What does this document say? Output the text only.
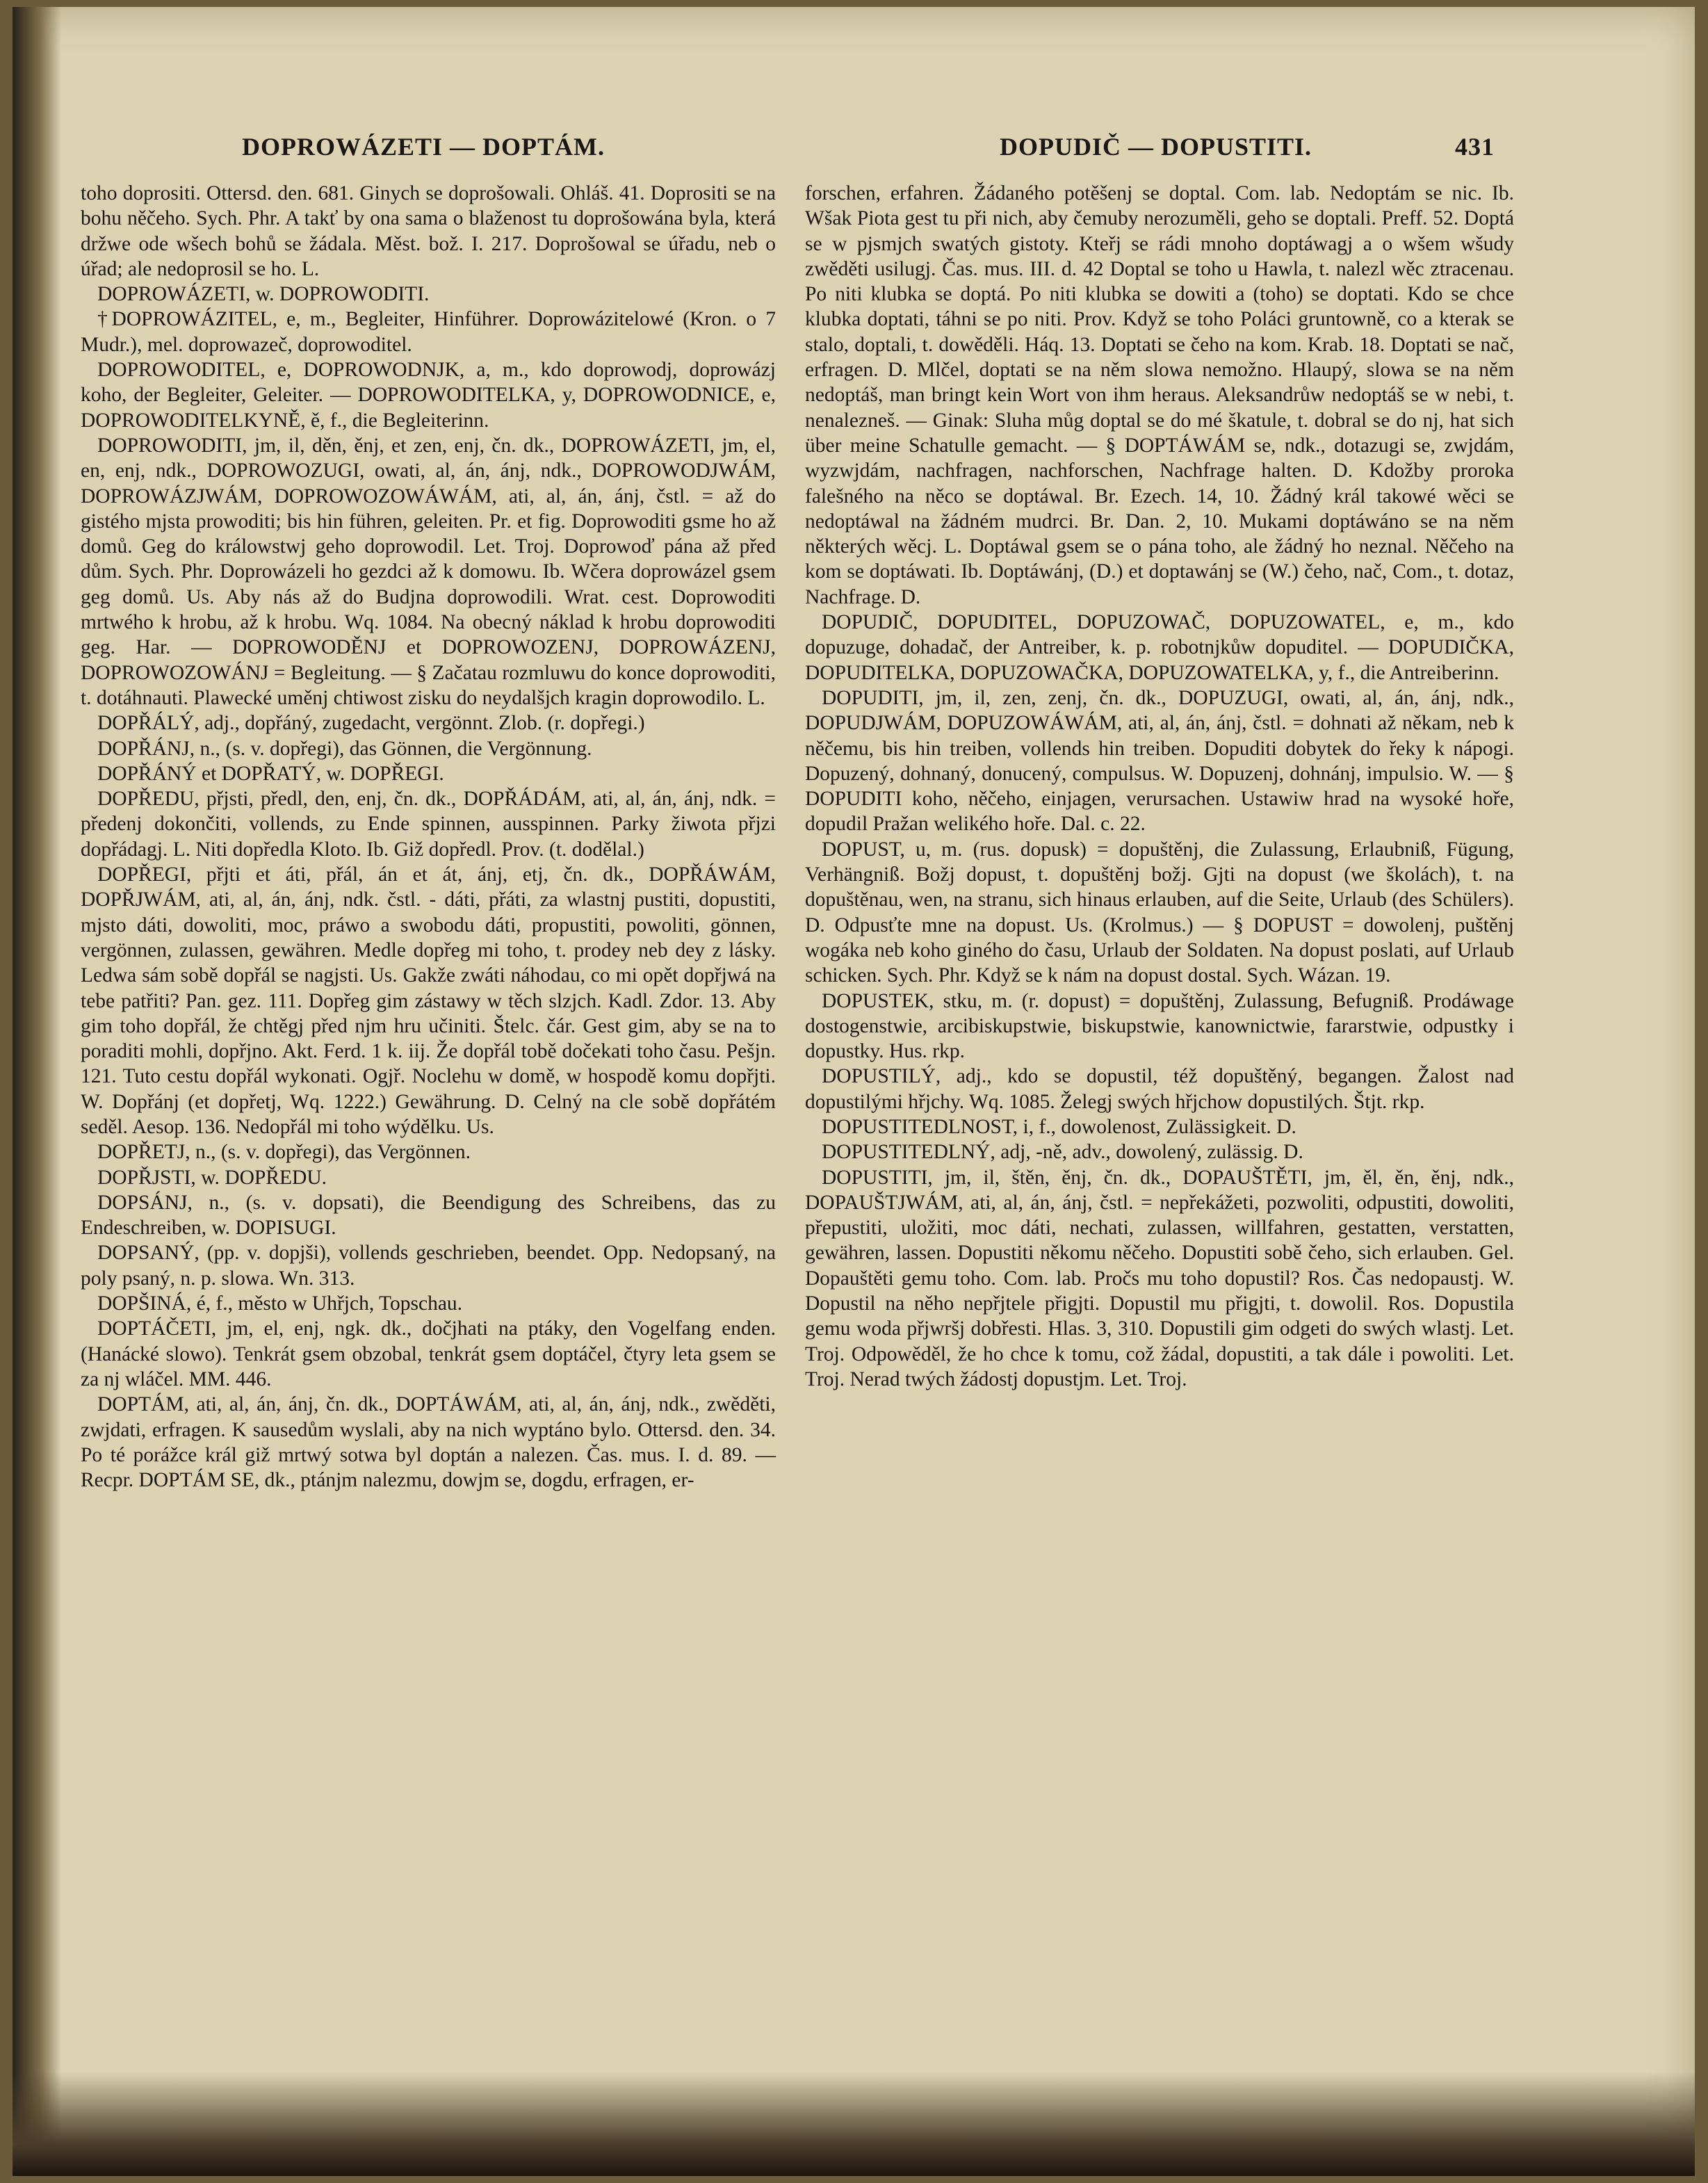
DOPROWÁZETI — DOPTÁM.	DOPUDIČ — DOPUSTITI.	431

toho doprositi. Ottersd. den. 681. Ginych se doprošowali. Ohláš. 41. Doprositi se na bohu něčeho. Sych. Phr. A takť by ona sama o blaženost tu doprošowána byla, která držwe ode wšech bohů se žádala. Měst. bož. I. 217. Doprošowal se úřadu, neb o úřad; ale nedoprosil se ho. L.

DOPROWÁZETI, w. DOPROWODITI.

†DOPROWÁZITEL, e, m., Begleiter, Hinführer. Doprowázitelowé (Kron. o 7 Mudr.), mel. doprowazeč, doprowoditel.

DOPROWODITEL, e, DOPROWODNJK, a, m., kdo doprowodj, doprowázj koho, der Begleiter, Geleiter. — DOPROWODITELKA, y, DOPROWODNICE, e, DOPROWODITELKYNĚ, ě, f., die Begleiterinn.

DOPROWODITI, jm, il, děn, ěnj, et zen, enj, čn. dk., DOPROWÁZETI, jm, el, en, enj, ndk., DOPROWOZUGI, owati, al, án, ánj, ndk., DOPROWODJWÁM, DOPROWÁZJWÁM, DOPROWOZOWÁWÁM, ati, al, án, ánj, čstl. = až do gistého mjsta prowoditi; bis hin führen, geleiten. Pr. et fig. Doprowoditi gsme ho až domů. Geg do králowstwj geho doprowodil. Let. Troj. Doprowoď pána až před dům. Sych. Phr. Doprowázeli ho gezdci až k domowu. Ib. Wčera doprowázel gsem geg domů. Us. Aby nás až do Budjna doprowodili. Wrat. cest. Doprowoditi mrtwého k hrobu, až k hrobu. Wq. 1084. Na obecný náklad k hrobu doprowoditi geg. Har. — DOPROWODĚNJ et DOPROWOZENJ, DOPROWÁZENJ, DOPROWOZOWÁNJ = Begleitung. — § Začatau rozmluwu do konce doprowoditi, t. dotáhnauti. Plawecké uměnj chtiwost zisku do neydalšjch kragin doprowodilo. L.

DOPŘÁLÝ, adj., dopřáný, zugedacht, vergönnt. Zlob. (r. dopřegi.)

DOPŘÁNJ, n., (s. v. dopřegi), das Gönnen, die Vergönnung.

DOPŘÁNÝ et DOPŘATÝ, w. DOPŘEGI.

DOPŘEDU, přjsti, předl, den, enj, čn. dk., DOPŘÁDÁM, ati, al, án, ánj, ndk. = předenj dokončiti, vollends, zu Ende spinnen, ausspinnen. Parky žiwota přjzi dopřádagj. L. Niti dopředla Kloto. Ib. Giž dopředl. Prov. (t. dodělal.)

DOPŘEGI, přjti et áti, přál, án et át, ánj, etj, čn. dk., DOPŘÁWÁM, DOPŘJWÁM, ati, al, án, ánj, ndk. čstl. - dáti, přáti, za wlastnj pustiti, dopustiti, mjsto dáti, dowoliti, moc, práwo a swobodu dáti, propustiti, powoliti, gönnen, vergönnen, zulassen, gewähren. Medle dopřeg mi toho, t. prodey neb dey z lásky. Ledwa sám sobě dopřál se nagjsti. Us. Gakže zwáti náhodau, co mi opět dopřjwá na tebe patřiti? Pan. gez. 111. Dopřeg gim zástawy w těch slzjch. Kadl. Zdor. 13. Aby gim toho dopřál, že chtěgj před njm hru učiniti. Štelc. čár. Gest gim, aby se na to poraditi mohli, dopřjno. Akt. Ferd. 1 k. iij. Že dopřál tobě dočekati toho času. Pešjn. 121. Tuto cestu dopřál wykonati. Ogjř. Noclehu w domě, w hospodě komu dopřjti. W. Dopřánj (et dopřetj, Wq. 1222.) Gewährung. D. Celný na cle sobě dopřátém seděl. Aesop. 136. Nedopřál mi toho wýdělku. Us.

DOPŘETJ, n., (s. v. dopřegi), das Vergönnen.

DOPŘJSTI, w. DOPŘEDU.

DOPSÁNJ, n., (s. v. dopsati), die Beendigung des Schreibens, das zu Endeschreiben, w. DOPISUGI.

DOPSANÝ, (pp. v. dopjši), vollends geschrieben, beendet. Opp. Nedopsaný, na poly psaný, n. p. slowa. Wn. 313.

DOPŠINÁ, é, f., město w Uhřjch, Topschau.

DOPTÁČETI, jm, el, enj, ngk. dk., dočjhati na ptáky, den Vogelfang enden. (Hanácké slowo). Tenkrát gsem obzobal, tenkrát gsem doptáčel, čtyry leta gsem se za nj wláčel. MM. 446.

DOPTÁM, ati, al, án, ánj, čn. dk., DOPTÁWÁM, ati, al, án, ánj, ndk., zwěděti, zwjdati, erfragen. K sausedům wyslali, aby na nich wyptáno bylo. Ottersd. den. 34. Po té porážce král giž mrtwý sotwa byl doptán a nalezen. Čas. mus. I. d. 89. — Recpr. DOPTÁM SE, dk., ptánjm nalezmu, dowjm se, dogdu, erfragen, er-

forschen, erfahren. Žádaného potěšenj se doptal. Com. lab. Nedoptám se nic. Ib. Wšak Piota gest tu při nich, aby čemuby nerozuměli, geho se doptali. Preff. 52. Doptá se w pjsmjch swatých gistoty. Kteřj se rádi mnoho doptáwagj a o wšem wšudy zwěděti usilugj. Čas. mus. III. d. 42 Doptal se toho u Hawla, t. nalezl wěc ztracenau. Po niti klubka se doptá. Po niti klubka se dowiti a (toho) se doptati. Kdo se chce klubka doptati, táhni se po niti. Prov. Když se toho Poláci gruntowně, co a kterak se stalo, doptali, t. dowěděli. Háq. 13. Doptati se čeho na kom. Krab. 18. Doptati se nač, erfragen. D. Mlčel, doptati se na něm slowa nemožno. Hlaupý, slowa se na něm nedoptáš, man bringt kein Wort von ihm heraus. Aleksandrůw nedoptáš se w nebi, t. nenalezneš. — Ginak: Sluha můg doptal se do mé škatule, t. dobral se do nj, hat sich über meine Schatulle gemacht. — § DOPTÁWÁM se, ndk., dotazugi se, zwjdám, wyzwjdám, nachfragen, nachforschen, Nachfrage halten. D. Kdožby proroka falešného na něco se doptáwal. Br. Ezech. 14, 10. Žádný král takowé wěci se nedoptáwal na žádném mudrci. Br. Dan. 2, 10. Mukami doptáwáno se na něm některých wěcj. L. Doptáwal gsem se o pána toho, ale žádný ho neznal. Něčeho na kom se doptáwati. Ib. Doptáwánj, (D.) et doptawánj se (W.) čeho, nač, Com., t. dotaz, Nachfrage. D.

DOPUDIČ, DOPUDITEL, DOPUZOWAČ, DOPUZOWATEL, e, m., kdo dopuzuge, dohadač, der Antreiber, k. p. robotnjkůw dopuditel. — DOPUDIČKA, DOPUDITELKA, DOPUZOWAČKA, DOPUZOWATELKA, y, f., die Antreiberinn.

DOPUDITI, jm, il, zen, zenj, čn. dk., DOPUZUGI, owati, al, án, ánj, ndk., DOPUDJWÁM, DOPUZOWÁWÁM, ati, al, án, ánj, čstl. = dohnati až někam, neb k něčemu, bis hin treiben, vollends hin treiben. Dopuditi dobytek do řeky k nápogi. Dopuzený, dohnaný, donucený, compulsus. W. Dopuzenj, dohnánj, impulsio. W. — § DOPUDITI koho, něčeho, einjagen, verursachen. Ustawiw hrad na wysoké hoře, dopudil Pražan welikého hoře. Dal. c. 22.

DOPUST, u, m. (rus. dopusk) = dopuštěnj, die Zulassung, Erlaubniß, Fügung, Verhängniß. Božj dopust, t. dopuštěnj božj. Gjti na dopust (we školách), t. na dopuštěnau, wen, na stranu, sich hinaus erlauben, auf die Seite, Urlaub (des Schülers). D. Odpusťte mne na dopust. Us. (Krolmus.) — § DOPUST = dowolenj, puštěnj wogáka neb koho giného do času, Urlaub der Soldaten. Na dopust poslati, auf Urlaub schicken. Sych. Phr. Když se k nám na dopust dostal. Sych. Wázan. 19.

DOPUSTEK, stku, m. (r. dopust) = dopuštěnj, Zulassung, Befugniß. Prodáwage dostogenstwie, arcibiskupstwie, biskupstwie, kanownictwie, fararstwie, odpustky i dopustky. Hus. rkp.

DOPUSTILÝ, adj., kdo se dopustil, též dopuštěný, begangen. Žalost nad dopustilými hřjchy. Wq. 1085. Želegj swých hřjchow dopustilých. Štjt. rkp.

DOPUSTITEDLNOST, i, f., dowolenost, Zulässigkeit. D.

DOPUSTITEDLNÝ, adj, -ně, adv., dowolený, zulässig. D.

DOPUSTITI, jm, il, štěn, ěnj, čn. dk., DOPAUŠTĚTI, jm, ěl, ěn, ěnj, ndk., DOPAUŠTJWÁM, ati, al, án, ánj, čstl. = nepřekážeti, pozwoliti, odpustiti, dowoliti, přepustiti, uložiti, moc dáti, nechati, zulassen, willfahren, gestatten, verstatten, gewähren, lassen. Dopustiti někomu něčeho. Dopustiti sobě čeho, sich erlauben. Gel. Dopauštěti gemu toho. Com. lab. Pročs mu toho dopustil? Ros. Čas nedopaustj. W. Dopustil na něho nepřjtele přigjti. Dopustil mu přigjti, t. dowolil. Ros. Dopustila gemu woda přjwršj dobřesti. Hlas. 3, 310. Dopustili gim odgeti do swých wlastj. Let. Troj. Odpowěděl, že ho chce k tomu, což žádal, dopustiti, a tak dále i powoliti. Let. Troj. Nerad twých žádostj dopustjm. Let. Troj.
